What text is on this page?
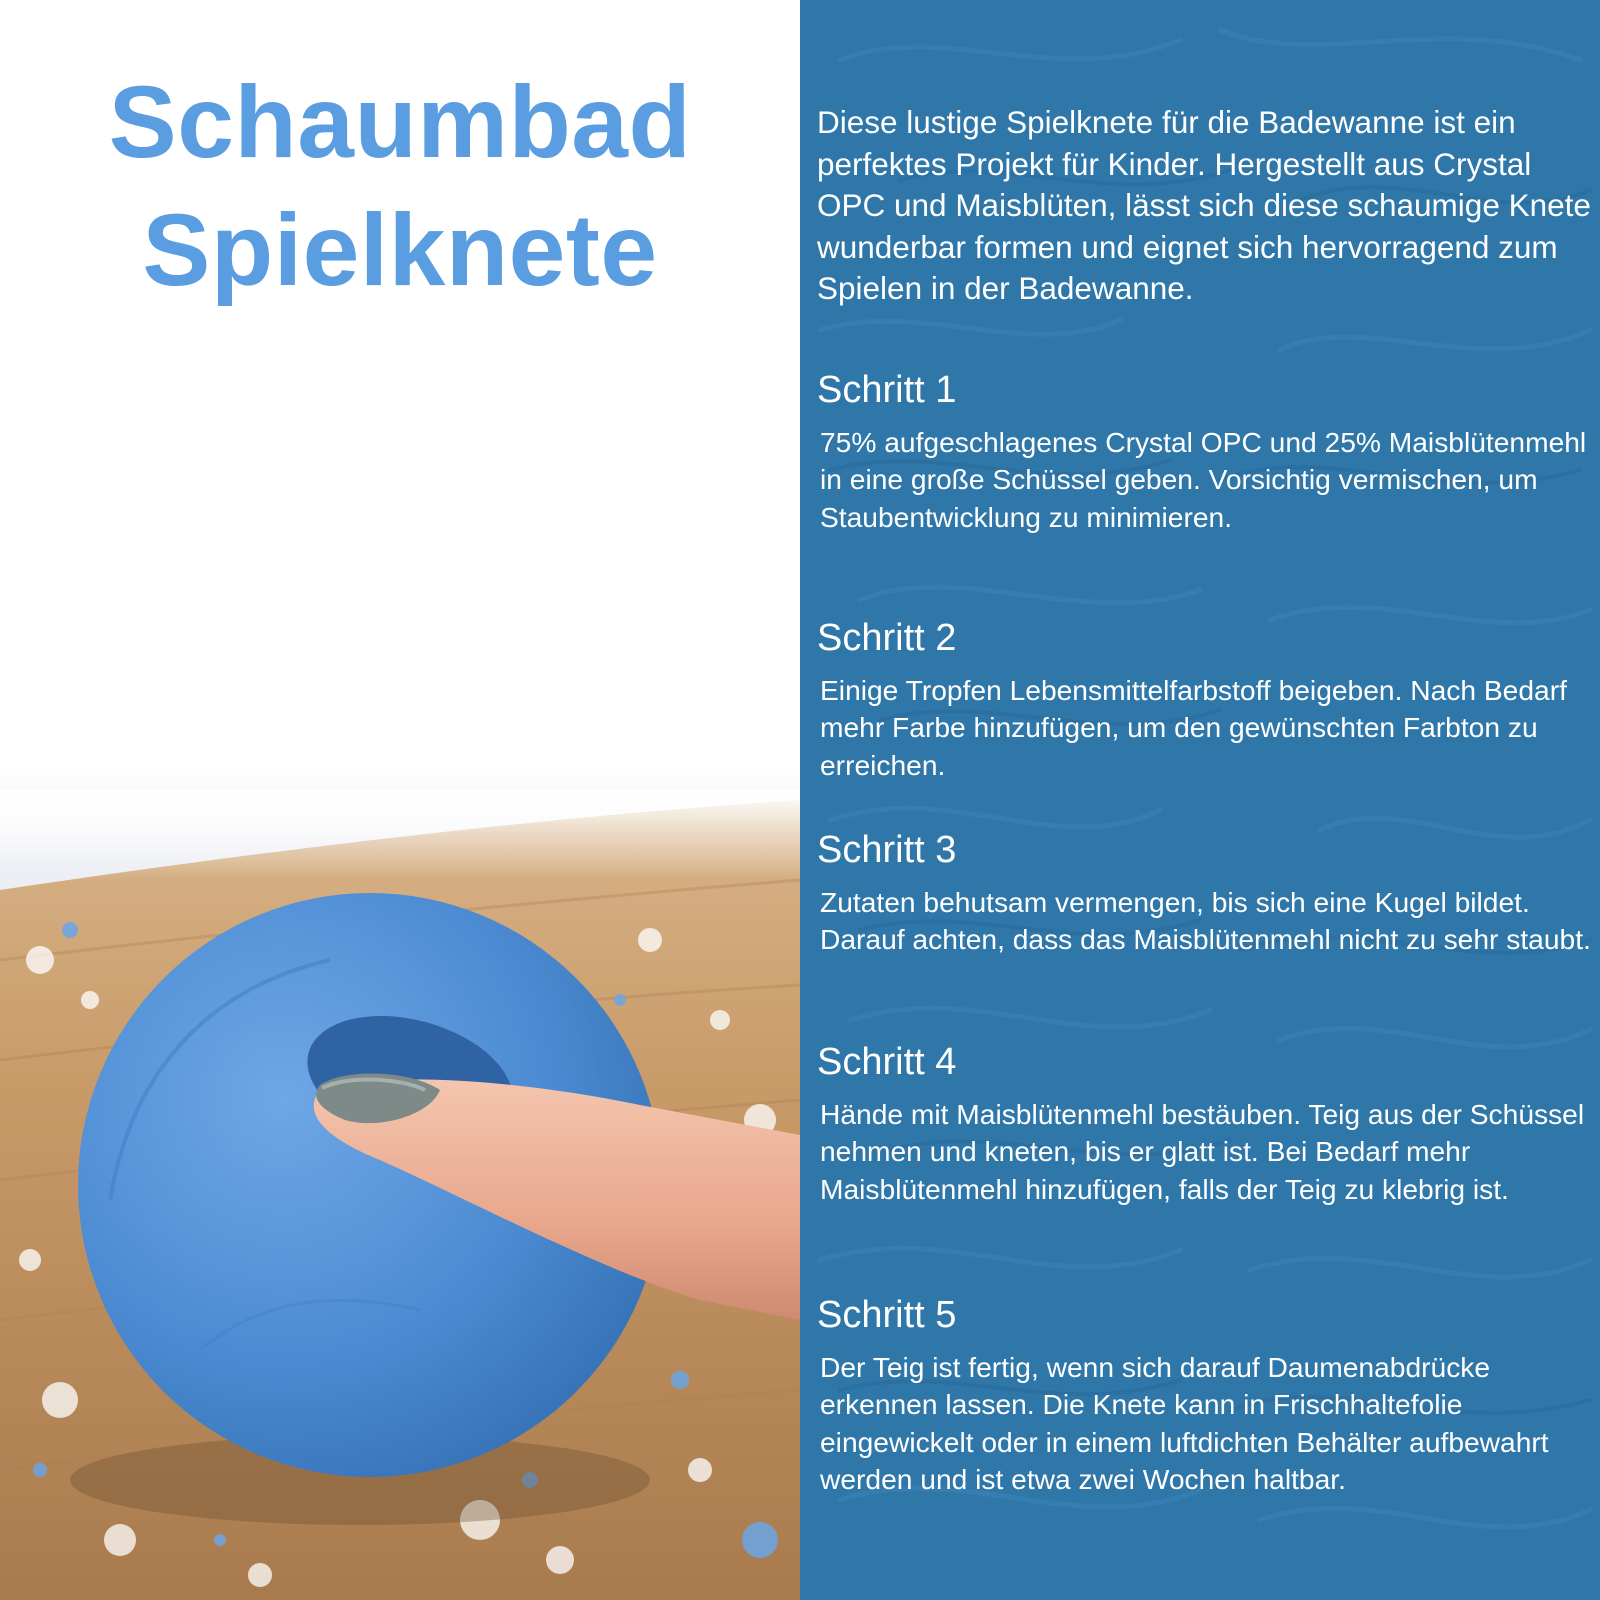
Schaumbad
Spielknete
Diese lustige Spielknete für die Badewanne ist ein perfektes Projekt für Kinder. Hergestellt aus Crystal OPC und Maisblüten, lässt sich diese schaumige Knete wunderbar formen und eignet sich hervorragend zum Spielen in der Badewanne.
Schritt 1
75% aufgeschlagenes Crystal OPC und 25% Maisblütenmehl in eine große Schüssel geben. Vorsichtig vermischen, um Staubentwicklung zu minimieren.
Schritt 2
Einige Tropfen Lebensmittelfarbstoff beigeben. Nach Bedarf mehr Farbe hinzufügen, um den gewünschten Farbton zu erreichen.
Schritt 3
Zutaten behutsam vermengen, bis sich eine Kugel bildet. Darauf achten, dass das Maisblütenmehl nicht zu sehr staubt.
Schritt 4
Hände mit Maisblütenmehl bestäuben. Teig aus der Schüssel nehmen und kneten, bis er glatt ist. Bei Bedarf mehr Maisblütenmehl hinzufügen, falls der Teig zu klebrig ist.
Schritt 5
Der Teig ist fertig, wenn sich darauf Daumenabdrücke erkennen lassen. Die Knete kann in Frischhaltefolie eingewickelt oder in einem luftdichten Behälter aufbewahrt werden und ist etwa zwei Wochen haltbar.
